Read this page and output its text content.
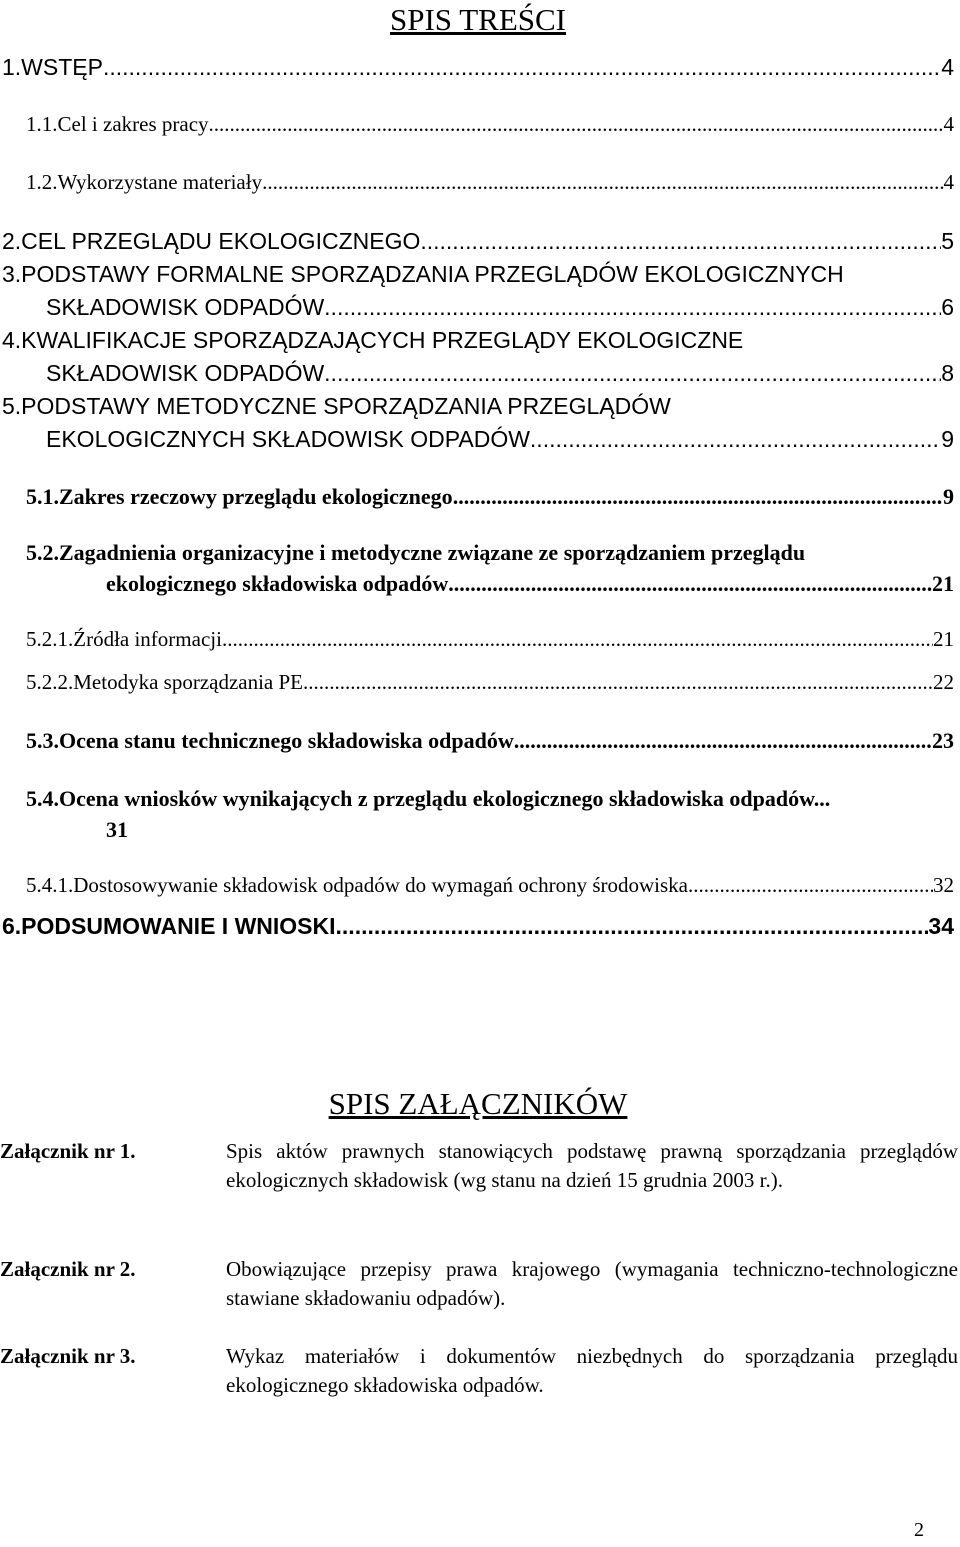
SPIS TREŚCI
1.WSTĘP .....	4
1.1.Cel i zakres pracy .....	4
1.2.Wykorzystane materiały .....	4
2.CEL PRZEGLĄDU EKOLOGICZNEGO .....	5
3.PODSTAWY FORMALNE SPORZĄDZANIA PRZEGLĄDÓW EKOLOGICZNYCH
SKŁADOWISK ODPADÓW .....	6
4.KWALIFIKACJE SPORZĄDZAJĄCYCH PRZEGLĄDY EKOLOGICZNE
SKŁADOWISK ODPADÓW .....	8
5.PODSTAWY METODYCZNE SPORZĄDZANIA PRZEGLĄDÓW
EKOLOGICZNYCH SKŁADOWISK ODPADÓW .....	9
5.1.Zakres rzeczowy przeglądu ekologicznego .....	9
5.2.Zagadnienia organizacyjne i metodyczne związane ze sporządzaniem przeglądu
ekologicznego składowiska odpadów .....	21
5.2.1.Źródła informacji .....	21
5.2.2.Metodyka sporządzania PE .....	22
5.3.Ocena stanu technicznego składowiska odpadów .....	23
5.4.Ocena wniosków wynikających z przeglądu ekologicznego składowiska odpadów...
31
5.4.1.Dostosowywanie składowisk odpadów do wymagań ochrony środowiska .....	32
6.PODSUMOWANIE I WNIOSKI .....	34
SPIS ZAŁĄCZNIKÓW
Załącznik nr 1.	Spis aktów prawnych stanowiących podstawę prawną sporządzania przeglądów ekologicznych składowisk (wg stanu na dzień 15 grudnia 2003 r.).
Załącznik nr 2.	Obowiązujące przepisy prawa krajowego (wymagania techniczno-technologiczne stawiane składowaniu odpadów).
Załącznik nr 3.	Wykaz materiałów i dokumentów niezbędnych do sporządzania przeglądu ekologicznego składowiska odpadów.
2
